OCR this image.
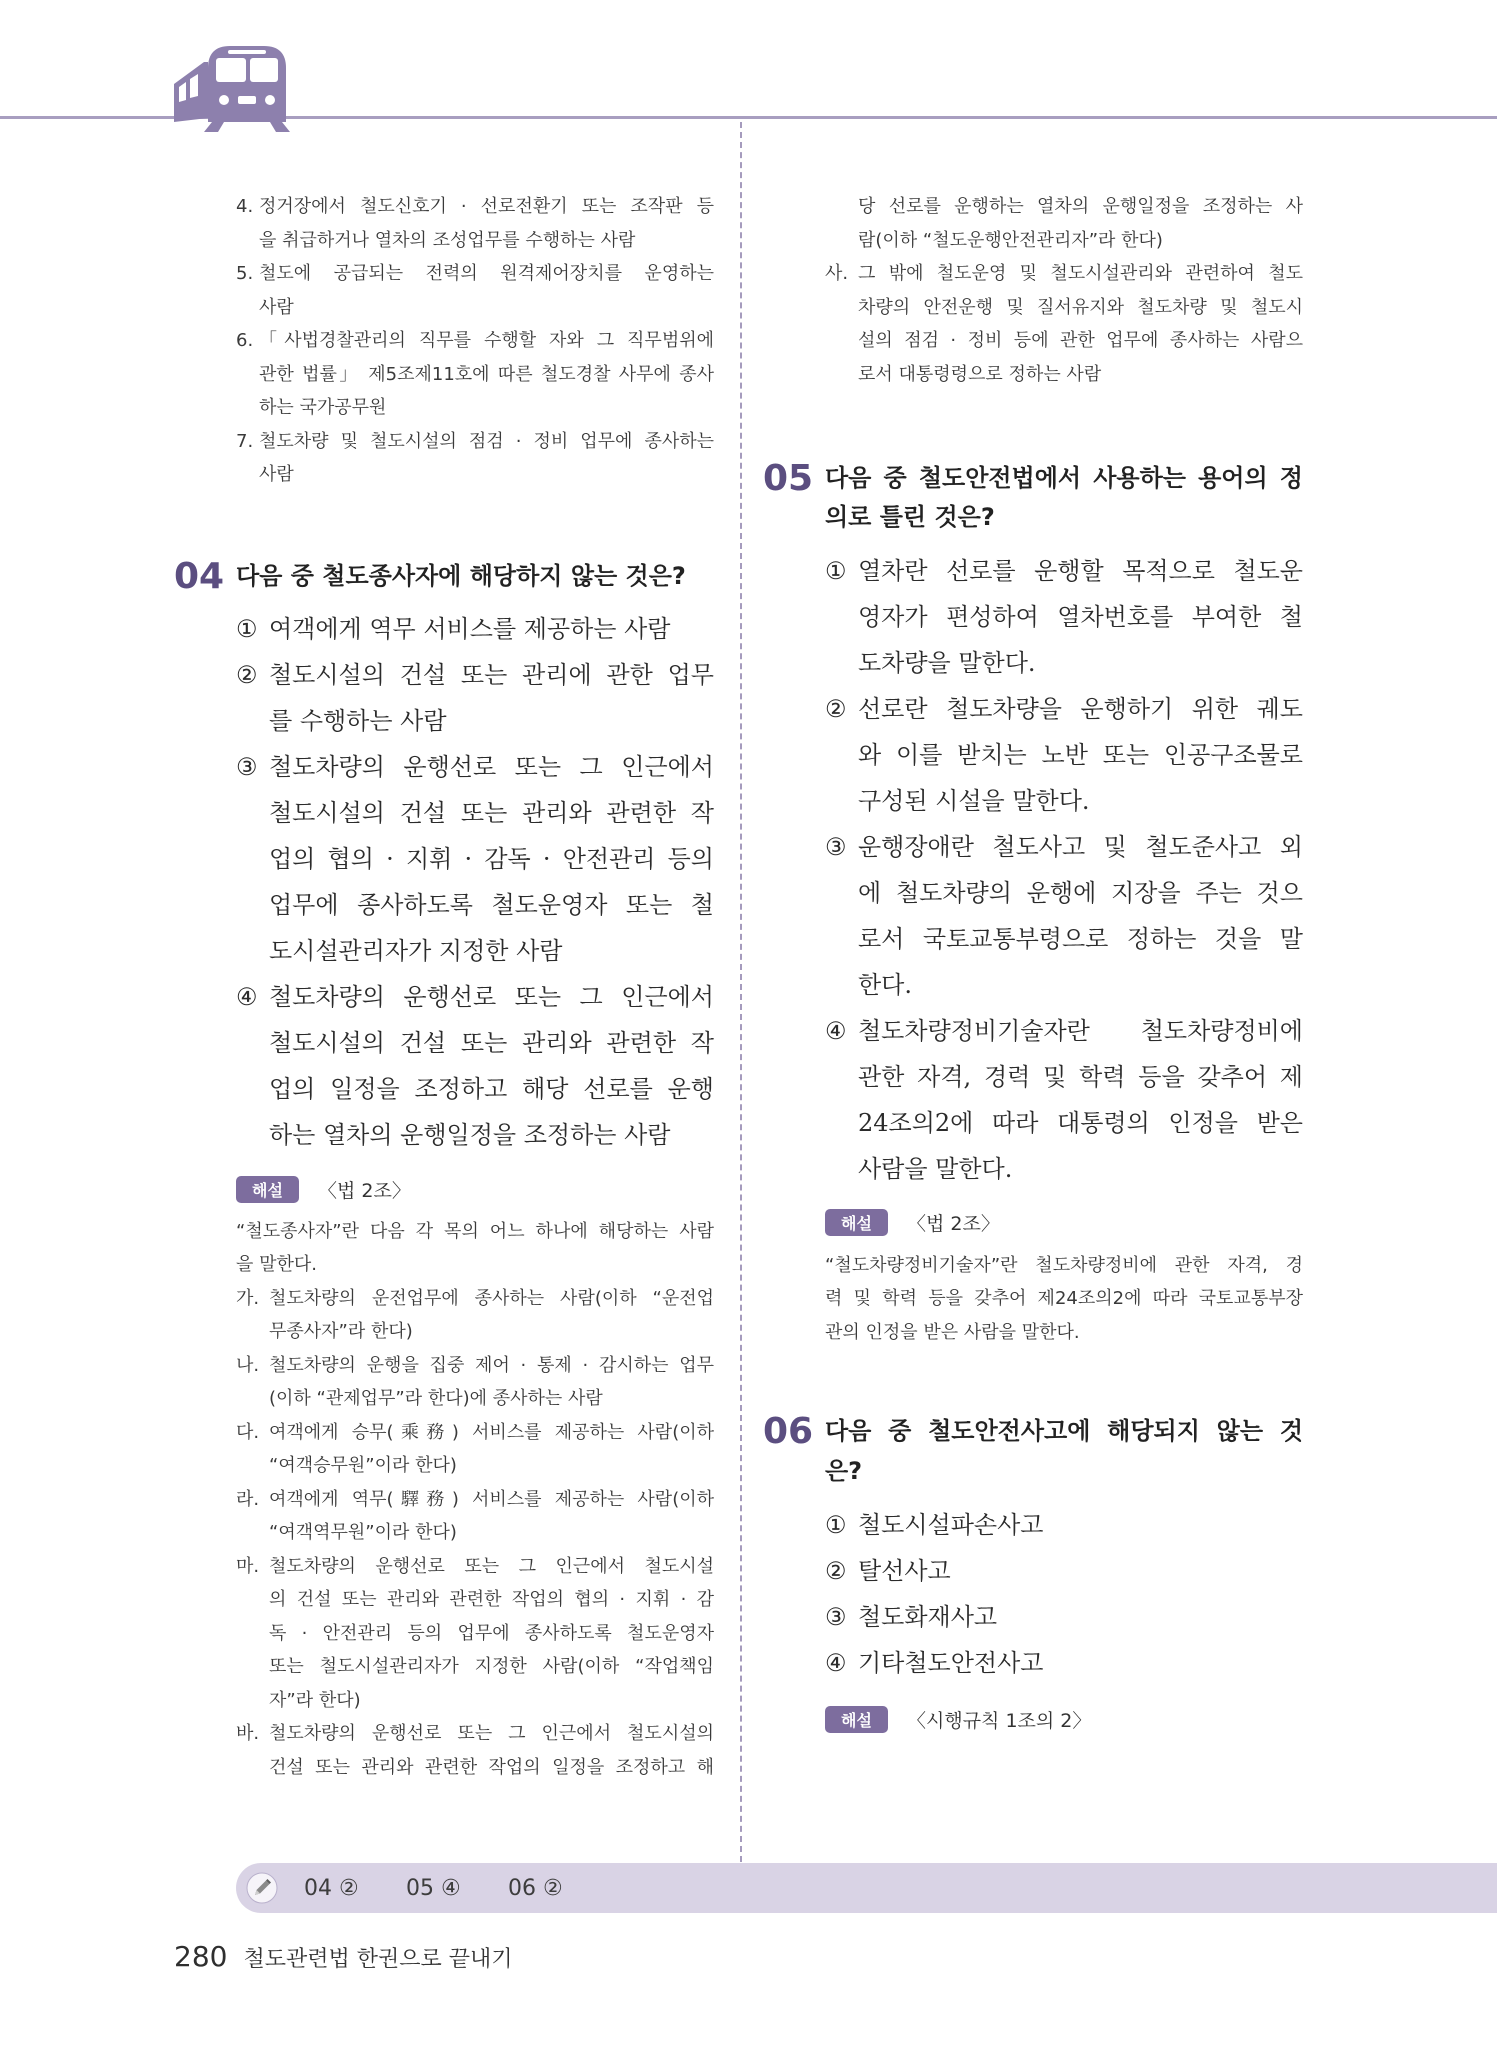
4. 정거장에서 철도신호기 · 선로전환기 또는 조작판 등
을 취급하거나 열차의 조성업무를 수행하는 사람
5. 철도에 공급되는 전력의 원격제어장치를 운영하는
사람
6. 「사법경찰관리의 직무를 수행할 자와 그 직무범위에
관한 법률」 제5조제11호에 따른 철도경찰 사무에 종사
하는 국가공무원
7. 철도차량 및 철도시설의 점검 · 정비 업무에 종사하는
사람
04 다음 중 철도종사자에 해당하지 않는 것은?
① 여객에게 역무 서비스를 제공하는 사람
② 철도시설의 건설 또는 관리에 관한 업무
를 수행하는 사람
③ 철도차량의 운행선로 또는 그 인근에서
철도시설의 건설 또는 관리와 관련한 작
업의 협의 · 지휘 · 감독 · 안전관리 등의
업무에 종사하도록 철도운영자 또는 철
도시설관리자가 지정한 사람
④ 철도차량의 운행선로 또는 그 인근에서
철도시설의 건설 또는 관리와 관련한 작
업의 일정을 조정하고 해당 선로를 운행
하는 열차의 운행일정을 조정하는 사람
해설	〈법 2조〉
“철도종사자”란 다음 각 목의 어느 하나에 해당하는 사람
을 말한다.
가. 철도차량의 운전업무에 종사하는 사람(이하 “운전업
무종사자”라 한다)
나. 철도차량의 운행을 집중 제어 · 통제 · 감시하는 업무
(이하 “관제업무”라 한다)에 종사하는 사람
다. 여객에게 승무(乘務) 서비스를 제공하는 사람(이하
“여객승무원”이라 한다)
라. 여객에게 역무(驛務) 서비스를 제공하는 사람(이하
“여객역무원”이라 한다)
마. 철도차량의 운행선로 또는 그 인근에서 철도시설
의 건설 또는 관리와 관련한 작업의 협의 · 지휘 · 감
독 · 안전관리 등의 업무에 종사하도록 철도운영자
또는 철도시설관리자가 지정한 사람(이하 “작업책임
자”라 한다)
바. 철도차량의 운행선로 또는 그 인근에서 철도시설의
건설 또는 관리와 관련한 작업의 일정을 조정하고 해
당 선로를 운행하는 열차의 운행일정을 조정하는 사
람(이하 “철도운행안전관리자”라 한다)
사. 그 밖에 철도운영 및 철도시설관리와 관련하여 철도
차량의 안전운행 및 질서유지와 철도차량 및 철도시
설의 점검 · 정비 등에 관한 업무에 종사하는 사람으
로서 대통령령으로 정하는 사람
05 다음 중 철도안전법에서 사용하는 용어의 정
의로 틀린 것은?
① 열차란 선로를 운행할 목적으로 철도운
영자가 편성하여 열차번호를 부여한 철
도차량을 말한다.
② 선로란 철도차량을 운행하기 위한 궤도
와 이를 받치는 노반 또는 인공구조물로
구성된 시설을 말한다.
③ 운행장애란 철도사고 및 철도준사고 외
에 철도차량의 운행에 지장을 주는 것으
로서 국토교통부령으로 정하는 것을 말
한다.
④ 철도차량정비기술자란 철도차량정비에
관한 자격, 경력 및 학력 등을 갖추어 제
24조의2에 따라 대통령의 인정을 받은
사람을 말한다.
해설	〈법 2조〉
“철도차량정비기술자”란 철도차량정비에 관한 자격, 경
력 및 학력 등을 갖추어 제24조의2에 따라 국토교통부장
관의 인정을 받은 사람을 말한다.
06 다음 중 철도안전사고에 해당되지 않는 것
은?
① 철도시설파손사고
② 탈선사고
③ 철도화재사고
④ 기타철도안전사고
해설	〈시행규칙 1조의 2〉
04 ②	05 ④	06 ②
280 철도관련법 한권으로 끝내기
